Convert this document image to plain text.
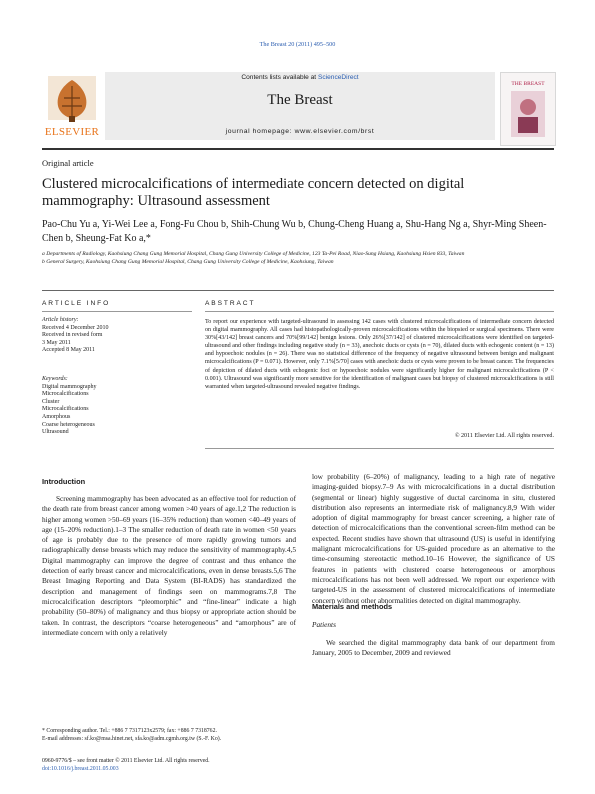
The Breast 20 (2011) 495–500
ELSEVIER
Contents lists available at ScienceDirect
The Breast
journal homepage: www.elsevier.com/brst
THE BREAST
Original article
Clustered microcalcifications of intermediate concern detected on digital mammography: Ultrasound assessment
Pao-Chu Yu a, Yi-Wei Lee a, Fong-Fu Chou b, Shih-Chung Wu b, Chung-Cheng Huang a, Shu-Hang Ng a, Shyr-Ming Sheen-Chen b, Sheung-Fat Ko a,*
a Departments of Radiology, Kaohsiung Chang Gung Memorial Hospital, Chang Gung University College of Medicine, 123 Ta-Pei Road, Niao-Sung Hsiang, Kaohsiung Hsien 833, Taiwan
b General Surgery, Kaohsiung Chang Gung Memorial Hospital, Chang Gung University College of Medicine, Kaohsiung, Taiwan
ARTICLE INFO
Article history:
Received 4 December 2010
Received in revised form
3 May 2011
Accepted 8 May 2011
Keywords:
Digital mammography
Microcalcifications
Cluster
Microcalcifications
Amorphous
Coarse heterogeneous
Ultrasound
ABSTRACT
To report our experience with targeted-ultrasound in assessing 142 cases with clustered microcalcifications of intermediate concern detected on digital mammography. All cases had histopathologically-proven microcalcifications within the biopsied or surgical specimens. There were 30%[43/142] breast cancers and 70%[99/142] benign lesions. Only 26%[37/142] of clustered microcalcifications were identified on targeted-ultrasound and other findings including negative study (n = 33), anechoic ducts or cysts (n = 70), dilated ducts with echogenic content (n = 13) and hypoechoic nodules (n = 26). There was no statistical difference of the frequency of negative ultrasound between benign and malignant microcalcifications (P = 0.071). However, only 7.1%[5/70] cases with anechoic ducts or cysts were proven to be breast cancer. The frequencies of depiction of dilated ducts with echogenic foci or hypoechoic nodules were significantly higher for malignant microcalcifications (P < 0.001). Ultrasound was significantly more sensitive for the identification of malignant cases but biopsy of clustered microcalcifications is still warranted when targeted-ultrasound revealed negative findings.
© 2011 Elsevier Ltd. All rights reserved.
Introduction

Screening mammography has been advocated as an effective tool for reduction of the death rate from breast cancer among women >40 years of age.1,2 The reduction is higher among women >50–69 years (16–35% reduction) than women <40–49 years of age (15–20% reduction).1–3 The smaller reduction of death rate in women <50 years of age is probably due to the presence of more rapidly growing tumors and radiographically dense breasts which may reduce the sensitivity of mammography.4,5 Digital mammography can improve the degree of contrast and thus enhance the detection of early breast cancer and microcalcifications, even in dense breasts.5,6 The Breast Imaging Reporting and Data System (BI-RADS) has standardized the description and management of findings seen on mammograms.7,8 The microcalcification descriptors “pleomorphic” and “fine-linear” indicate a high probability (50–80%) of malignancy and thus biopsy or appropriate action should be taken. In contrast, the descriptors “coarse heterogeneous” and “amorphous” are of intermediate concern with only a relatively

low probability (6–20%) of malignancy, leading to a high rate of negative imaging-guided biopsy.7–9 As with microcalcifications in a ductal distribution (segmental or linear) highly suggestive of ductal carcinoma in situ, clustered distribution also represents an intermediate risk of malignancy.8,9 With wider adoption of digital mammography for breast cancer screening, a higher rate of detection of microcalcifications than the conventional screen-film method can be expected. Recent studies have shown that ultrasound (US) is useful in identifying malignant microcalcifications for US-guided procedure as an alternative to the time-consuming stereotactic method.10–16 However, the significance of US features in patients with clustered coarse heterogeneous or amorphous microcalcifications has not been well addressed. We report our experience with targeted-US in the assessment of clustered microcalcifications of intermediate concern without other abnormalities detected on digital mammography.

Materials and methods
Patients

We searched the digital mammography data bank of our department from January, 2005 to December, 2009 and reviewed

* Corresponding author. Tel.: +886 7 7317123x2579; fax: +886 7 7318762.
E-mail addresses: sf.ko@msa.hinet.net, sfa.ko@adm.cgmh.org.tw (S.-F. Ko).
0960-9776/$ – see front matter © 2011 Elsevier Ltd. All rights reserved.
doi:10.1016/j.breast.2011.05.003
